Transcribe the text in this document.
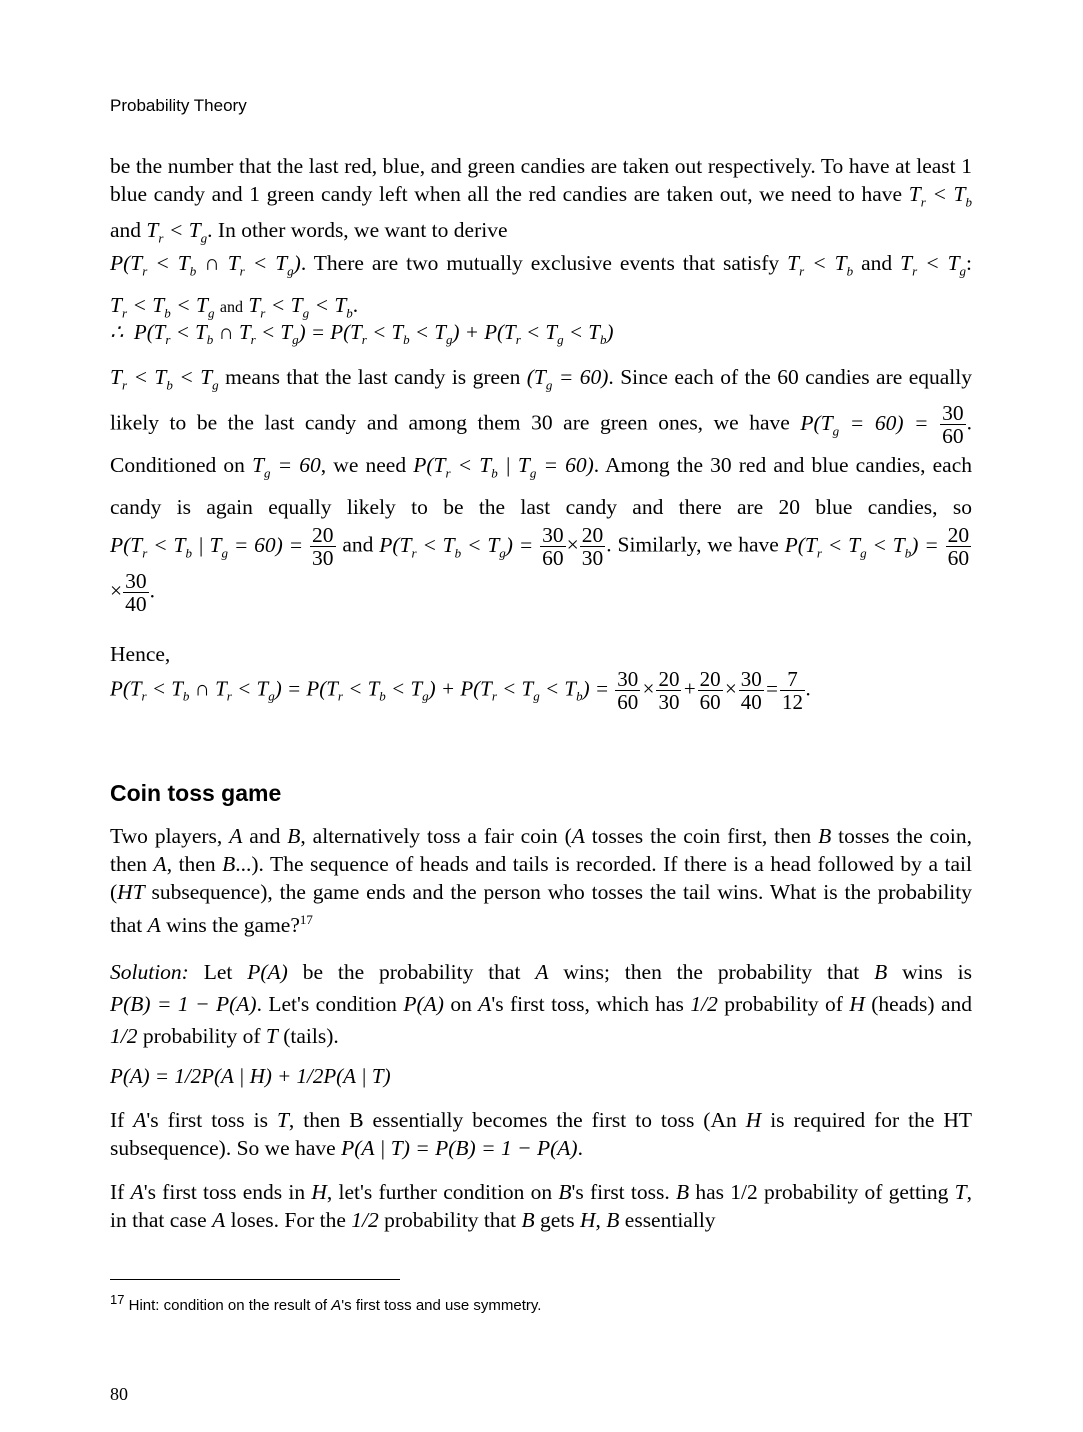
Probability Theory

be the number that the last red, blue, and green candies are taken out respectively. To have at least 1 blue candy and 1 green candy left when all the red candies are taken out, we need to have $T_r < T_b$ and $T_r < T_g$. In other words, we want to derive

$P(T_r < T_b$ ∩ $T_r < T_g$). There are two mutually exclusive events that satisfy $T_r < T_b$ and $T_r < T_g$: $T_r < T_b < T_g$ and $T_r < T_g < T_b$.

∴  $P(T_r < T_b$ ∩ $T_r < T_g) = P(T_r < T_b < T_g) + P(T_r < T_g < T_b)$

$T_r < T_b < T_g$ means that the last candy is green $(T_g = 60)$. Since each of the 60 candies are equally likely to be the last candy and among them 30 are green ones, we have $P(T_g = 60) = \frac{30}{60}$ . Conditioned on $T_g = 60$, we need $P(T_r < T_b$ | $T_g = 60$). Among the 30 red and blue candies, each candy is again equally likely to be the last candy and there are 20 blue candies, so $P(T_r < T_b$ | $T_g = 60) = \frac{20}{30}$ and $P(T_r < T_b < T_g) = \frac{30}{60} \times \frac{20}{30}$ . Similarly, we have $P(T_r < T_g < T_b) = \frac{20}{60}$
× $\frac{30}{40}$ .

Hence,
$P(T_r < T_b$ ∩ $T_r < T_g) = P(T_r < T_b < T_g) + P(T_r < T_g < T_b) = \frac{30}{60} \times \frac{20}{30} + \frac{20}{60} \times \frac{30}{40} = \frac{7}{12}$ .
Coin toss game

Two players, A and B, alternatively toss a fair coin (A tosses the coin first, then B tosses the coin, then A, then B...). The sequence of heads and tails is recorded. If there is a head followed by a tail (HT subsequence), the game ends and the person who tosses the tail wins. What is the probability that A wins the game?$^{17}$

Solution: Let P(A) be the probability that A wins; then the probability that B wins is P(B) = 1 − P(A). Let's condition P(A) on A's first toss, which has 1/2 probability of H (heads) and 1/2 probability of T (tails).

P(A) = 1/2P(A | H) + 1/2P(A | T)

If A's first toss is T, then B essentially becomes the first to toss (An H is required for the HT subsequence). So we have P(A | T) = P(B) = 1 − P(A).

If A's first toss ends in H, let's further condition on B's first toss. B has 1/2 probability of getting T, in that case A loses. For the 1/2 probability that B gets H, B essentially

$^{17}$ Hint: condition on the result of A's first toss and use symmetry.
80
